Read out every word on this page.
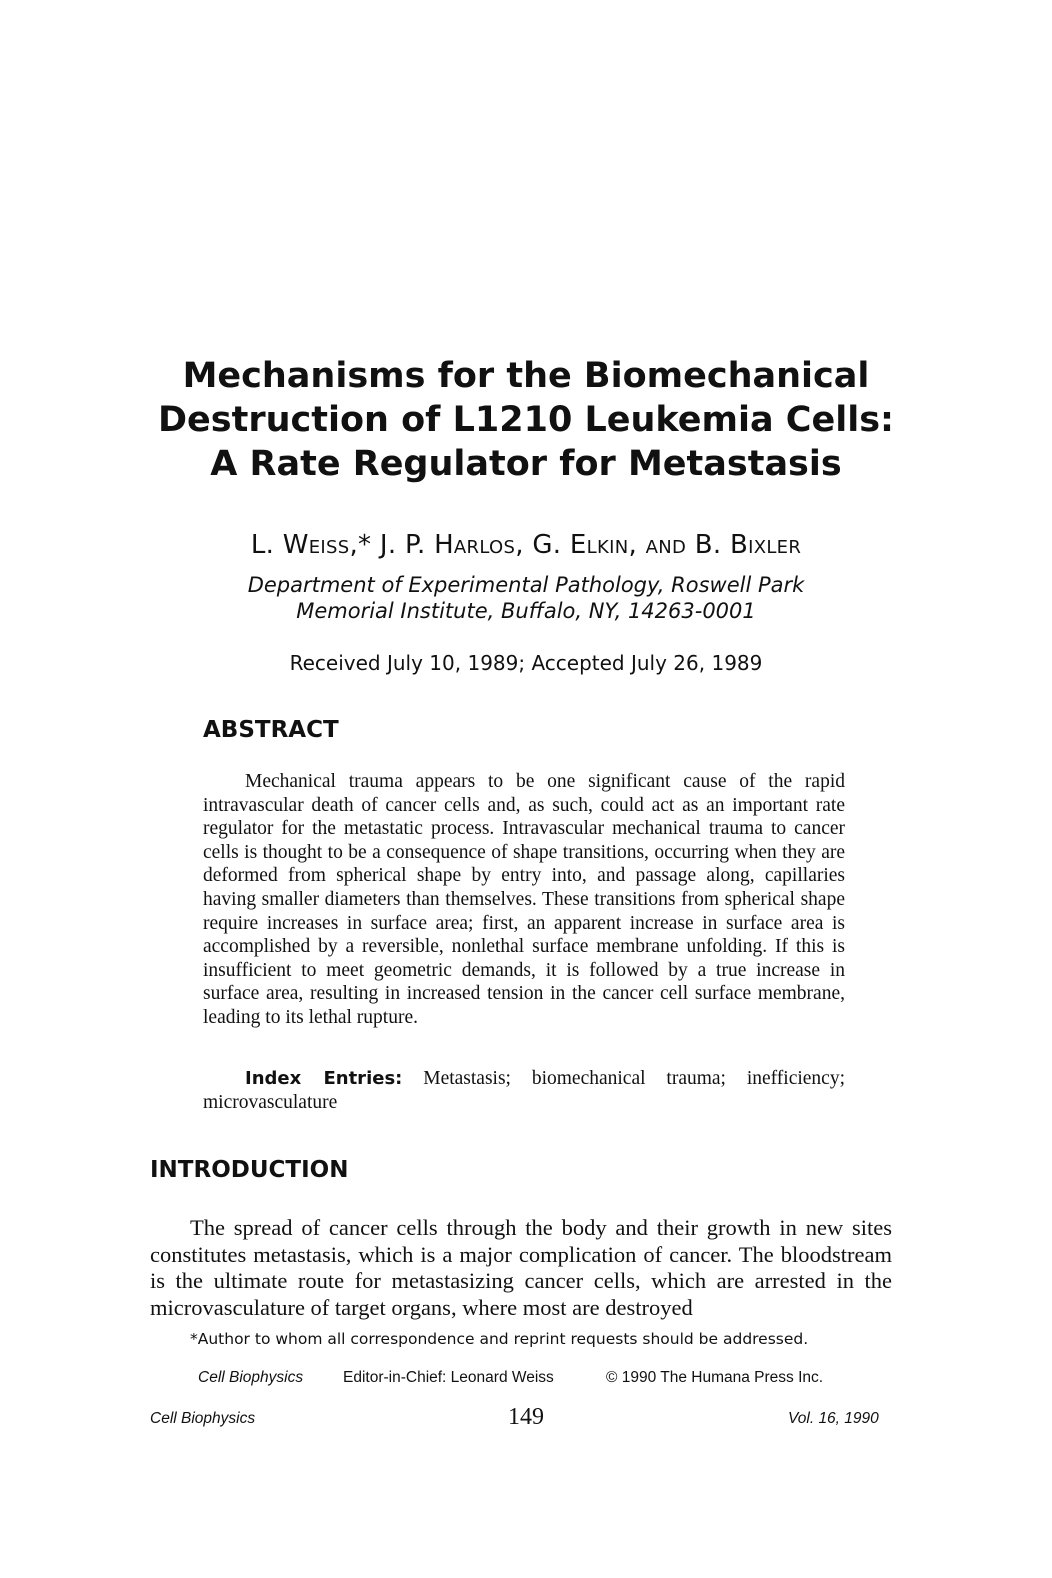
Mechanisms for the Biomechanical
Destruction of L1210 Leukemia Cells:
A Rate Regulator for Metastasis

L. Weiss,* J. P. Harlos, G. Elkin, and B. Bixler

Department of Experimental Pathology, Roswell Park
Memorial Institute, Buffalo, NY, 14263-0001

Received July 10, 1989; Accepted July 26, 1989

ABSTRACT

Mechanical trauma appears to be one significant cause of the rapid intravascular death of cancer cells and, as such, could act as an important rate regulator for the metastatic process. Intravascular mechanical trauma to cancer cells is thought to be a consequence of shape transitions, occurring when they are deformed from spherical shape by entry into, and passage along, capillaries having smaller diameters than themselves. These transitions from spherical shape require increases in surface area; first, an apparent increase in surface area is accomplished by a reversible, nonlethal surface membrane unfolding. If this is insufficient to meet geometric demands, it is followed by a true increase in surface area, resulting in increased tension in the cancer cell surface membrane, leading to its lethal rupture.

Index Entries: Metastasis; biomechanical trauma; inefficiency; microvasculature

INTRODUCTION

The spread of cancer cells through the body and their growth in new sites constitutes metastasis, which is a major complication of cancer. The bloodstream is the ultimate route for metastasizing cancer cells, which are arrested in the microvasculature of target organs, where most are destroyed

*Author to whom all correspondence and reprint requests should be addressed.

Cell Biophysics	Editor-in-Chief: Leonard Weiss	© 1990 The Humana Press Inc.

Cell Biophysics	149	Vol. 16, 1990
